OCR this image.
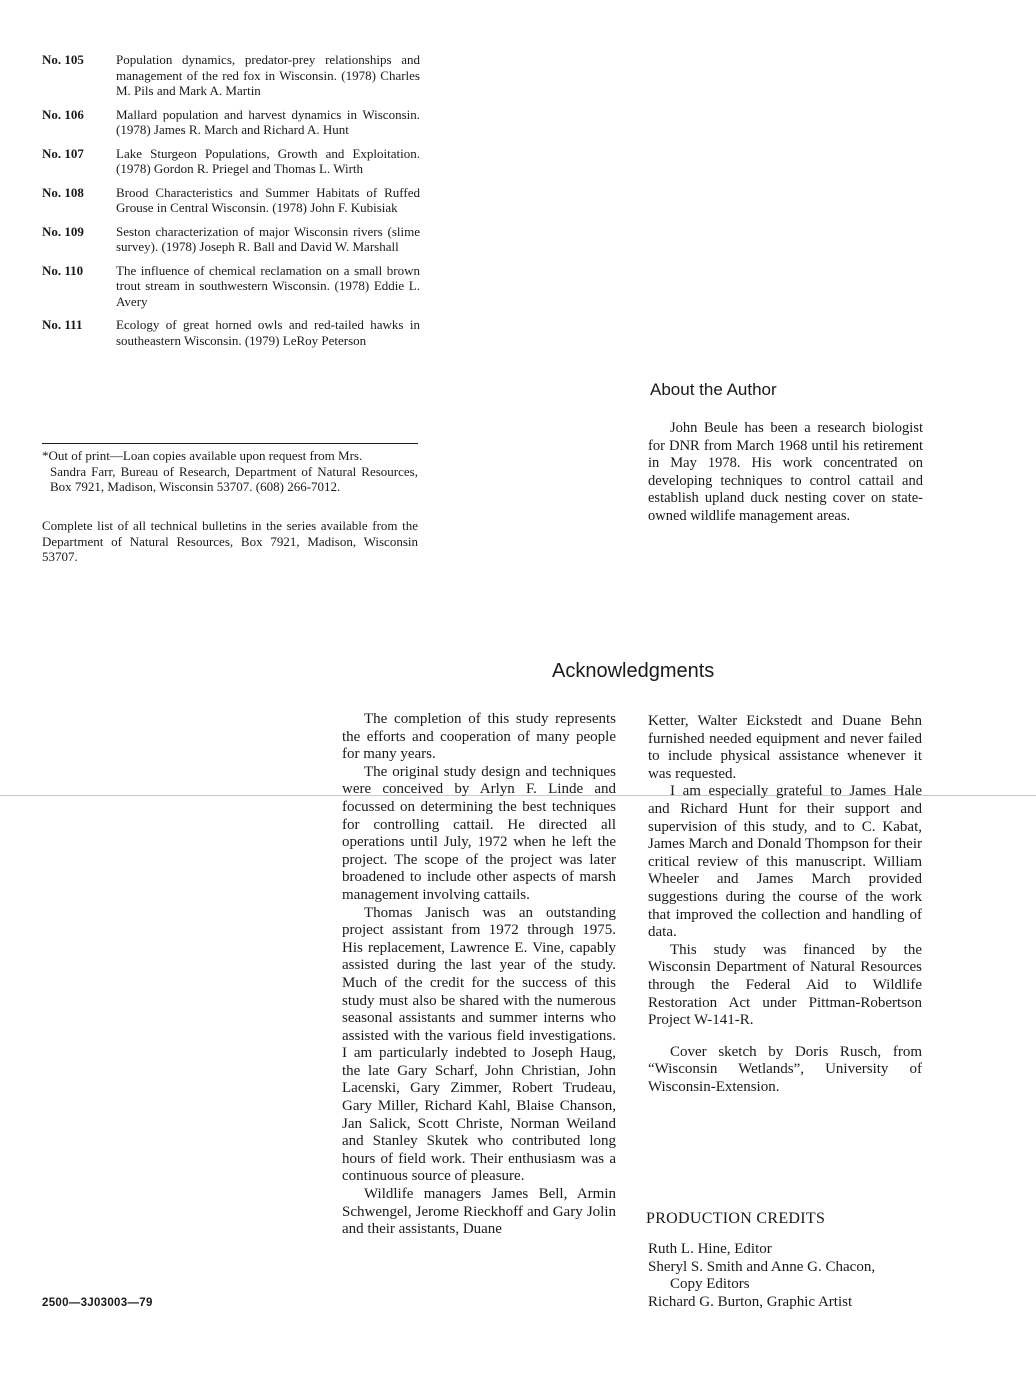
No. 105	Population dynamics, predator-prey relationships and management of the red fox in Wisconsin. (1978) Charles M. Pils and Mark A. Martin
No. 106	Mallard population and harvest dynamics in Wisconsin. (1978) James R. March and Richard A. Hunt
No. 107	Lake Sturgeon Populations, Growth and Exploitation. (1978) Gordon R. Priegel and Thomas L. Wirth
No. 108	Brood Characteristics and Summer Habitats of Ruffed Grouse in Central Wisconsin. (1978) John F. Kubisiak
No. 109	Seston characterization of major Wisconsin rivers (slime survey). (1978) Joseph R. Ball and David W. Marshall
No. 110	The influence of chemical reclamation on a small brown trout stream in southwestern Wisconsin. (1978) Eddie L. Avery
No. 111	Ecology of great horned owls and red-tailed hawks in southeastern Wisconsin. (1979) LeRoy Peterson
*Out of print—Loan copies available upon request from Mrs.
Sandra Farr, Bureau of Research, Department of Natural Resources, Box 7921, Madison, Wisconsin 53707. (608) 266-7012.
Complete list of all technical bulletins in the series available from the Department of Natural Resources, Box 7921, Madison, Wisconsin 53707.
About the Author
John Beule has been a research biologist for DNR from March 1968 until his retirement in May 1978. His work concentrated on developing techniques to control cattail and establish upland duck nesting cover on state-owned wildlife management areas.
Acknowledgments

The completion of this study represents the efforts and cooperation of many people for many years.

The original study design and techniques were conceived by Arlyn F. Linde and focussed on determining the best techniques for controlling cattail. He directed all operations until July, 1972 when he left the project. The scope of the project was later broadened to include other aspects of marsh management involving cattails.

Thomas Janisch was an outstanding project assistant from 1972 through 1975. His replacement, Lawrence E. Vine, capably assisted during the last year of the study. Much of the credit for the success of this study must also be shared with the numerous seasonal assistants and summer interns who assisted with the various field investigations. I am particularly indebted to Joseph Haug, the late Gary Scharf, John Christian, John Lacenski, Gary Zimmer, Robert Trudeau, Gary Miller, Richard Kahl, Blaise Chanson, Jan Salick, Scott Christe, Norman Weiland and Stanley Skutek who contributed long hours of field work. Their enthusiasm was a continuous source of pleasure.

Wildlife managers James Bell, Armin Schwengel, Jerome Rieckhoff and Gary Jolin and their assistants, Duane

Ketter, Walter Eickstedt and Duane Behn furnished needed equipment and never failed to include physical assistance whenever it was requested.

I am especially grateful to James Hale and Richard Hunt for their support and supervision of this study, and to C. Kabat, James March and Donald Thompson for their critical review of this manuscript. William Wheeler and James March provided suggestions during the course of the work that improved the collection and handling of data.

This study was financed by the Wisconsin Department of Natural Resources through the Federal Aid to Wildlife Restoration Act under Pittman-Robertson Project W-141-R.

Cover sketch by Doris Rusch, from “Wisconsin Wetlands”, University of Wisconsin-Extension.

PRODUCTION CREDITS
Ruth L. Hine, Editor
Sheryl S. Smith and Anne G. Chacon,
Copy Editors
Richard G. Burton, Graphic Artist
2500—3J03003—79
